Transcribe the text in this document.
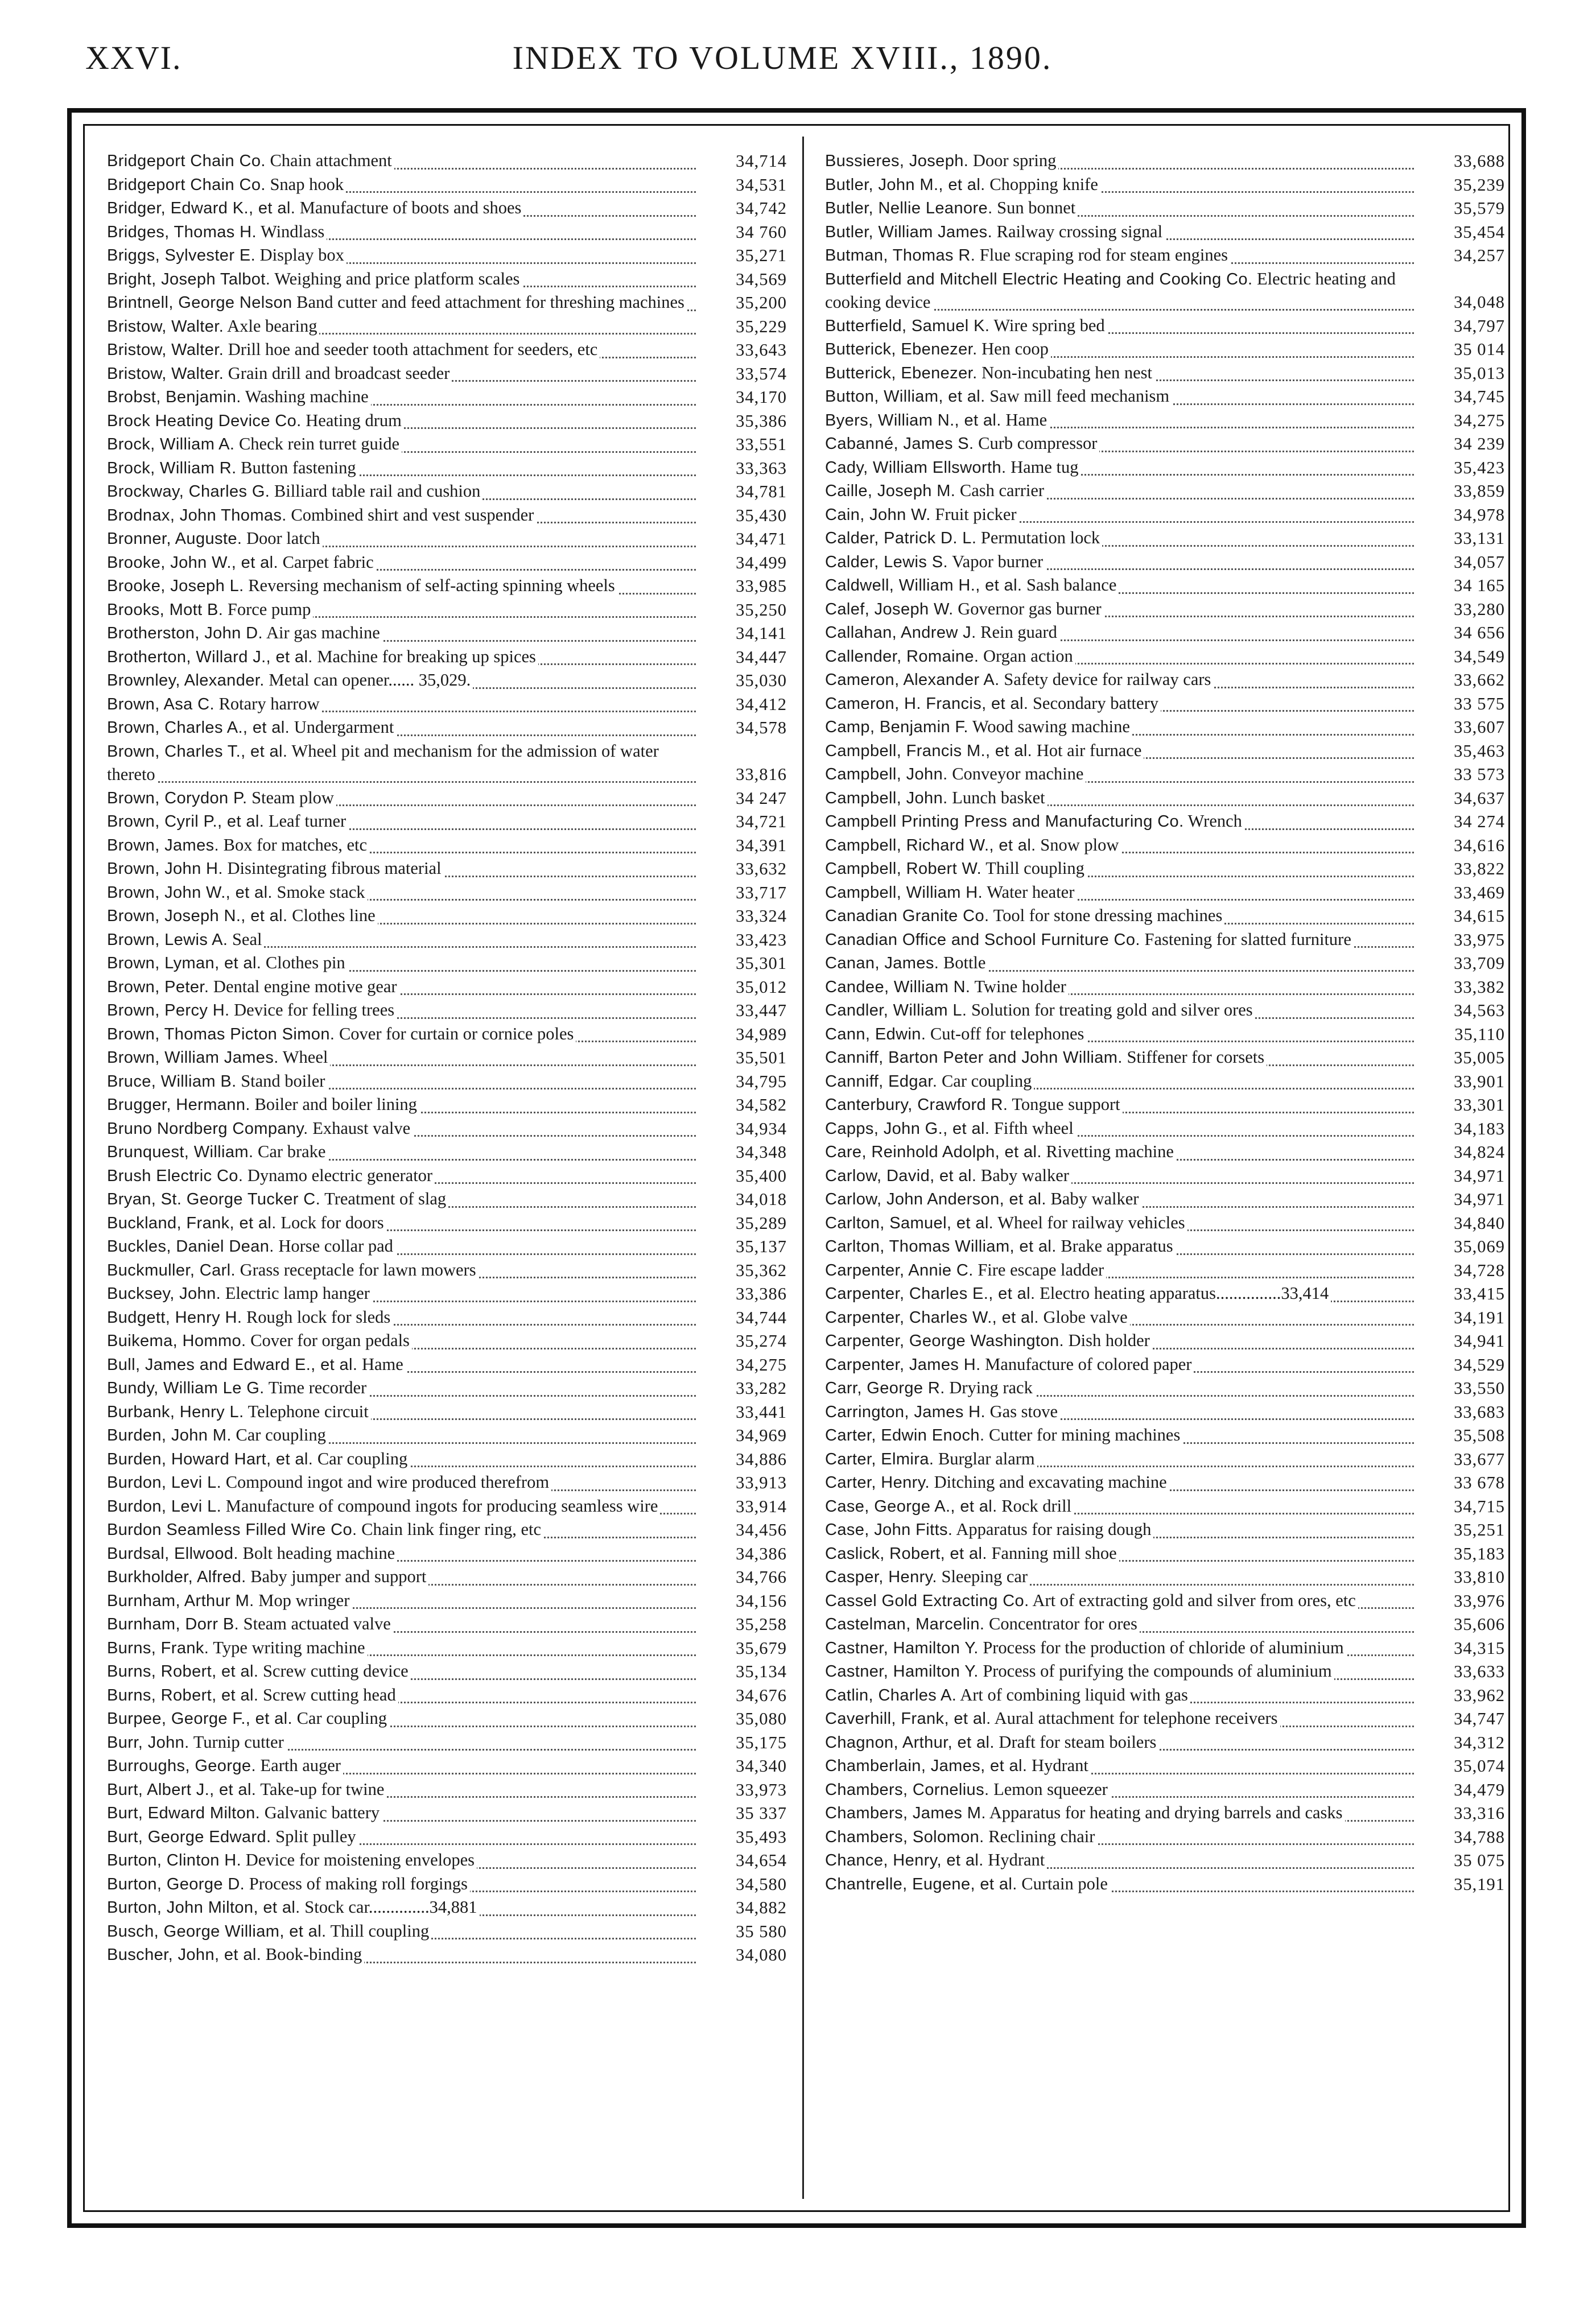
XXVI.	INDEX TO VOLUME XVIII., 1890.
Bridgeport Chain Co. Chain attachment	34,714
Bridgeport Chain Co. Snap hook	34,531
Bridger, Edward K., et al. Manufacture of boots and shoes	34,742
Bridges, Thomas H. Windlass	34 760
Briggs, Sylvester E. Display box	35,271
Bright, Joseph Talbot. Weighing and price platform scales	34,569
Brintnell, George Nelson Band cutter and feed attachment for threshing machines	35,200
Bristow, Walter. Axle bearing	35,229
Bristow, Walter. Drill hoe and seeder tooth attachment for seeders, etc	33,643
Bristow, Walter. Grain drill and broadcast seeder	33,574
Brobst, Benjamin. Washing machine	34,170
Brock Heating Device Co. Heating drum	35,386
Brock, William A. Check rein turret guide	33,551
Brock, William R. Button fastening	33,363
Brockway, Charles G. Billiard table rail and cushion	34,781
Brodnax, John Thomas. Combined shirt and vest suspender	35,430
Bronner, Auguste. Door latch	34,471
Brooke, John W., et al. Carpet fabric	34,499
Brooke, Joseph L. Reversing mechanism of self-acting spinning wheels	33,985
Brooks, Mott B. Force pump	35,250
Brotherston, John D. Air gas machine	34,141
Brotherton, Willard J., et al. Machine for breaking up spices	34,447
Brownley, Alexander. Metal can opener...... 35,029.	35,030
Brown, Asa C. Rotary harrow	34,412
Brown, Charles A., et al. Undergarment	34,578
Brown, Charles T., et al. Wheel pit and mechanism for the admission of water thereto	33,816
Brown, Corydon P. Steam plow	34 247
Brown, Cyril P., et al. Leaf turner	34,721
Brown, James. Box for matches, etc	34,391
Brown, John H. Disintegrating fibrous material	33,632
Brown, John W., et al. Smoke stack	33,717
Brown, Joseph N., et al. Clothes line	33,324
Brown, Lewis A. Seal	33,423
Brown, Lyman, et al. Clothes pin	35,301
Brown, Peter. Dental engine motive gear	35,012
Brown, Percy H. Device for felling trees	33,447
Brown, Thomas Picton Simon. Cover for curtain or cornice poles	34,989
Brown, William James. Wheel	35,501
Bruce, William B. Stand boiler	34,795
Brugger, Hermann. Boiler and boiler lining	34,582
Bruno Nordberg Company. Exhaust valve	34,934
Brunquest, William. Car brake	34,348
Brush Electric Co. Dynamo electric generator	35,400
Bryan, St. George Tucker C. Treatment of slag	34,018
Buckland, Frank, et al. Lock for doors	35,289
Buckles, Daniel Dean. Horse collar pad	35,137
Buckmuller, Carl. Grass receptacle for lawn mowers	35,362
Bucksey, John. Electric lamp hanger	33,386
Budgett, Henry H. Rough lock for sleds	34,744
Buikema, Hommo. Cover for organ pedals	35,274
Bull, James and Edward E., et al. Hame	34,275
Bundy, William Le G. Time recorder	33,282
Burbank, Henry L. Telephone circuit	33,441
Burden, John M. Car coupling	34,969
Burden, Howard Hart, et al. Car coupling	34,886
Burdon, Levi L. Compound ingot and wire produced therefrom	33,913
Burdon, Levi L. Manufacture of compound ingots for producing seamless wire	33,914
Burdon Seamless Filled Wire Co. Chain link finger ring, etc	34,456
Burdsal, Ellwood. Bolt heading machine	34,386
Burkholder, Alfred. Baby jumper and support	34,766
Burnham, Arthur M. Mop wringer	34,156
Burnham, Dorr B. Steam actuated valve	35,258
Burns, Frank. Type writing machine	35,679
Burns, Robert, et al. Screw cutting device	35,134
Burns, Robert, et al. Screw cutting head	34,676
Burpee, George F., et al. Car coupling	35,080
Burr, John. Turnip cutter	35,175
Burroughs, George. Earth auger	34,340
Burt, Albert J., et al. Take-up for twine	33,973
Burt, Edward Milton. Galvanic battery	35 337
Burt, George Edward. Split pulley	35,493
Burton, Clinton H. Device for moistening envelopes	34,654
Burton, George D. Process of making roll forgings	34,580
Burton, John Milton, et al. Stock car..............34,881	34,882
Busch, George William, et al. Thill coupling	35 580
Buscher, John, et al. Book-binding	34,080
Bussieres, Joseph. Door spring	33,688
Butler, John M., et al. Chopping knife	35,239
Butler, Nellie Leanore. Sun bonnet	35,579
Butler, William James. Railway crossing signal	35,454
Butman, Thomas R. Flue scraping rod for steam engines	34,257
Butterfield and Mitchell Electric Heating and Cooking Co. Electric heating and cooking device	34,048
Butterfield, Samuel K. Wire spring bed	34,797
Butterick, Ebenezer. Hen coop	35 014
Butterick, Ebenezer. Non-incubating hen nest	35,013
Button, William, et al. Saw mill feed mechanism	34,745
Byers, William N., et al. Hame	34,275
Cabanné, James S. Curb compressor	34 239
Cady, William Ellsworth. Hame tug	35,423
Caille, Joseph M. Cash carrier	33,859
Cain, John W. Fruit picker	34,978
Calder, Patrick D. L. Permutation lock	33,131
Calder, Lewis S. Vapor burner	34,057
Caldwell, William H., et al. Sash balance	34 165
Calef, Joseph W. Governor gas burner	33,280
Callahan, Andrew J. Rein guard	34 656
Callender, Romaine. Organ action	34,549
Cameron, Alexander A. Safety device for railway cars	33,662
Cameron, H. Francis, et al. Secondary battery	33 575
Camp, Benjamin F. Wood sawing machine	33,607
Campbell, Francis M., et al. Hot air furnace	35,463
Campbell, John. Conveyor machine	33 573
Campbell, John. Lunch basket	34,637
Campbell Printing Press and Manufacturing Co. Wrench	34 274
Campbell, Richard W., et al. Snow plow	34,616
Campbell, Robert W. Thill coupling	33,822
Campbell, William H. Water heater	33,469
Canadian Granite Co. Tool for stone dressing machines	34,615
Canadian Office and School Furniture Co. Fastening for slatted furniture	33,975
Canan, James. Bottle	33,709
Candee, William N. Twine holder	33,382
Candler, William L. Solution for treating gold and silver ores	34,563
Cann, Edwin. Cut-off for telephones	35,110
Canniff, Barton Peter and John William. Stiffener for corsets	35,005
Canniff, Edgar. Car coupling	33,901
Canterbury, Crawford R. Tongue support	33,301
Capps, John G., et al. Fifth wheel	34,183
Care, Reinhold Adolph, et al. Rivetting machine	34,824
Carlow, David, et al. Baby walker	34,971
Carlow, John Anderson, et al. Baby walker	34,971
Carlton, Samuel, et al. Wheel for railway vehicles	34,840
Carlton, Thomas William, et al. Brake apparatus	35,069
Carpenter, Annie C. Fire escape ladder	34,728
Carpenter, Charles E., et al. Electro heating apparatus...............33,414	33,415
Carpenter, Charles W., et al. Globe valve	34,191
Carpenter, George Washington. Dish holder	34,941
Carpenter, James H. Manufacture of colored paper	34,529
Carr, George R. Drying rack	33,550
Carrington, James H. Gas stove	33,683
Carter, Edwin Enoch. Cutter for mining machines	35,508
Carter, Elmira. Burglar alarm	33,677
Carter, Henry. Ditching and excavating machine	33 678
Case, George A., et al. Rock drill	34,715
Case, John Fitts. Apparatus for raising dough	35,251
Caslick, Robert, et al. Fanning mill shoe	35,183
Casper, Henry. Sleeping car	33,810
Cassel Gold Extracting Co. Art of extracting gold and silver from ores, etc	33,976
Castelman, Marcelin. Concentrator for ores	35,606
Castner, Hamilton Y. Process for the production of chloride of aluminium	34,315
Castner, Hamilton Y. Process of purifying the compounds of aluminium	33,633
Catlin, Charles A. Art of combining liquid with gas	33,962
Caverhill, Frank, et al. Aural attachment for telephone receivers	34,747
Chagnon, Arthur, et al. Draft for steam boilers	34,312
Chamberlain, James, et al. Hydrant	35,074
Chambers, Cornelius. Lemon squeezer	34,479
Chambers, James M. Apparatus for heating and drying barrels and casks	33,316
Chambers, Solomon. Reclining chair	34,788
Chance, Henry, et al. Hydrant	35 075
Chantrelle, Eugene, et al. Curtain pole	35,191
